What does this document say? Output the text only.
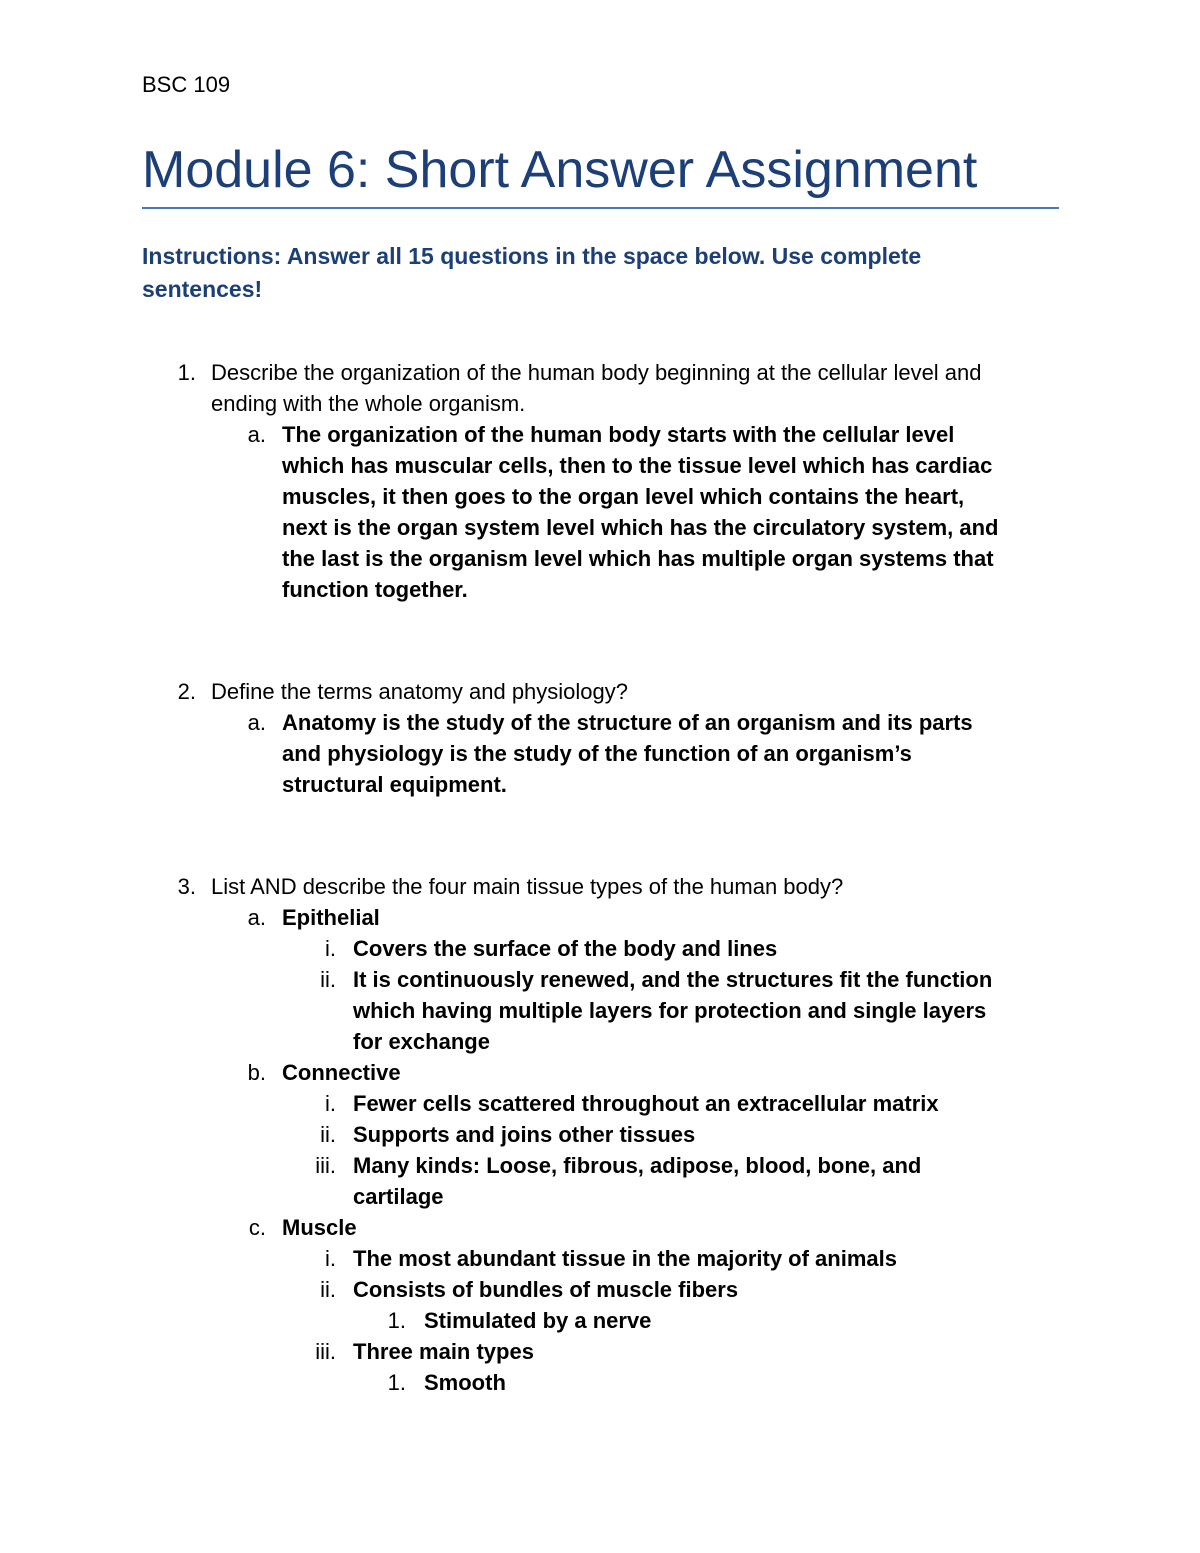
BSC 109
Module 6: Short Answer Assignment
Instructions: Answer all 15 questions in the space below. Use complete
sentences!
1. Describe the organization of the human body beginning at the cellular level and
ending with the whole organism.
a. The organization of the human body starts with the cellular level
which has muscular cells, then to the tissue level which has cardiac
muscles, it then goes to the organ level which contains the heart,
next is the organ system level which has the circulatory system, and
the last is the organism level which has multiple organ systems that
function together.
2. Define the terms anatomy and physiology?
a. Anatomy is the study of the structure of an organism and its parts
and physiology is the study of the function of an organism’s
structural equipment.
3. List AND describe the four main tissue types of the human body?
a. Epithelial
i. Covers the surface of the body and lines
ii. It is continuously renewed, and the structures fit the function
which having multiple layers for protection and single layers
for exchange
b. Connective
i. Fewer cells scattered throughout an extracellular matrix
ii. Supports and joins other tissues
iii. Many kinds: Loose, fibrous, adipose, blood, bone, and
cartilage
c. Muscle
i. The most abundant tissue in the majority of animals
ii. Consists of bundles of muscle fibers
1. Stimulated by a nerve
iii. Three main types
1. Smooth
